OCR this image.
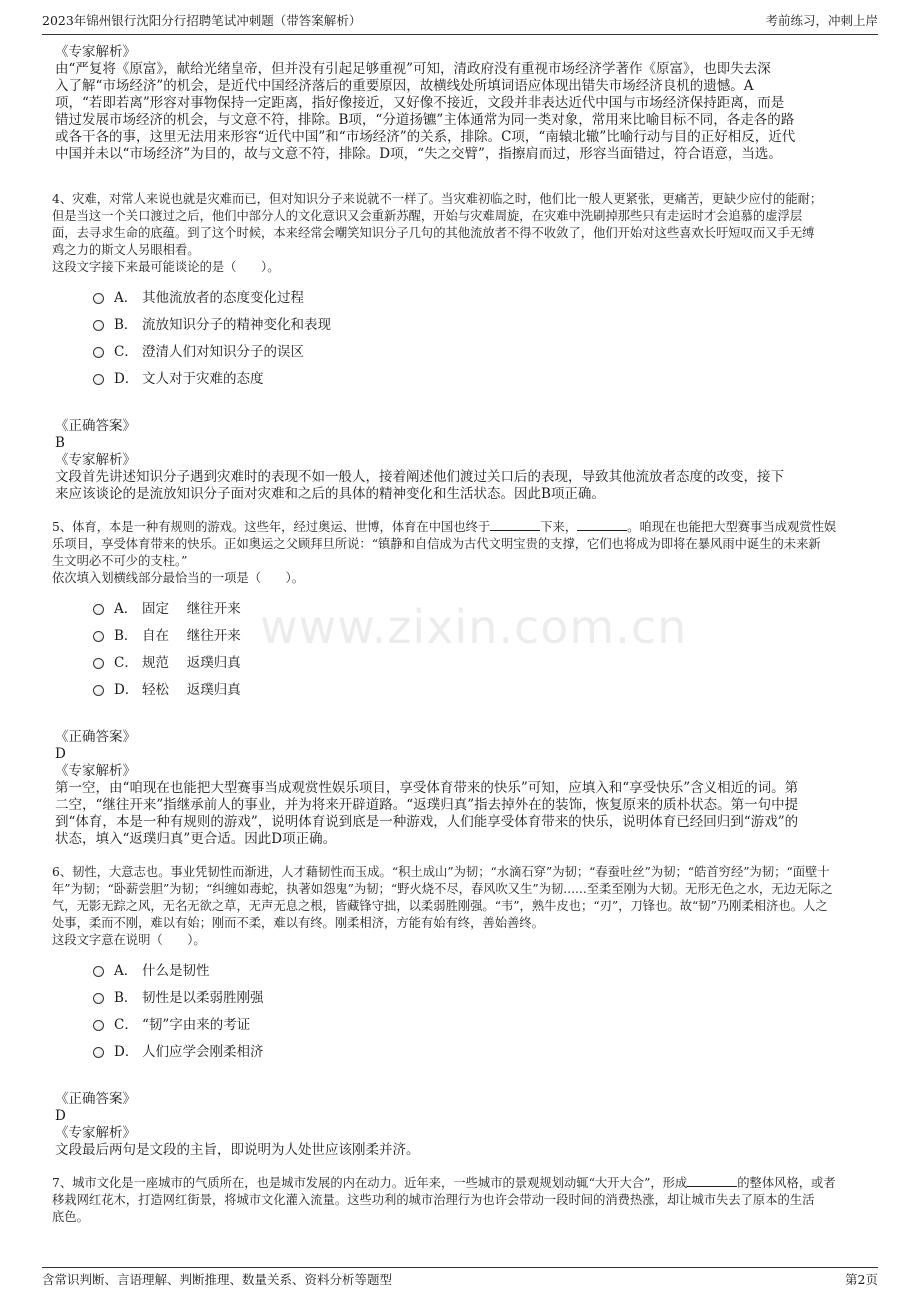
2023年锦州银行沈阳分行招聘笔试冲刺题（带答案解析）	考前练习，冲刺上岸
www.zixin.com.cn
《专家解析》
由“严复将《原富》，献给光绪皇帝，但并没有引起足够重视”可知，清政府没有重视市场经济学著作《原富》，也即失去深
入了解“市场经济”的机会，是近代中国经济落后的重要原因，故横线处所填词语应体现出错失市场经济良机的遗憾。A
项，“若即若离”形容对事物保持一定距离，指好像接近，又好像不接近，文段并非表达近代中国与市场经济保持距离，而是
错过发展市场经济的机会，与文意不符，排除。B项，“分道扬镳”主体通常为同一类对象，常用来比喻目标不同，各走各的路
或各干各的事，这里无法用来形容“近代中国”和“市场经济”的关系，排除。C项，“南辕北辙”比喻行动与目的正好相反，近代
中国并未以“市场经济”为目的，故与文意不符，排除。D项，“失之交臂”，指擦肩而过，形容当面错过，符合语意，当选。
4、灾难，对常人来说也就是灾难而已，但对知识分子来说就不一样了。当灾难初临之时，他们比一般人更紧张，更痛苦，更缺少应付的能耐；
但是当这一个关口渡过之后，他们中部分人的文化意识又会重新苏醒，开始与灾难周旋，在灾难中洗刷掉那些只有走运时才会追慕的虚浮层
面，去寻求生命的底蕴。到了这个时候，本来经常会嘲笑知识分子几句的其他流放者不得不收敛了，他们开始对这些喜欢长吁短叹而又手无缚
鸡之力的斯文人另眼相看。
这段文字接下来最可能谈论的是（　　）。
A． 其他流放者的态度变化过程
B． 流放知识分子的精神变化和表现
C． 澄清人们对知识分子的误区
D． 文人对于灾难的态度
《正确答案》
B
《专家解析》
文段首先讲述知识分子遇到灾难时的表现不如一般人，接着阐述他们渡过关口后的表现，导致其他流放者态度的改变，接下
来应该谈论的是流放知识分子面对灾难和之后的具体的精神变化和生活状态。因此B项正确。
5、体育，本是一种有规则的游戏。这些年，经过奥运、世博，体育在中国也终于	下来，	。咱现在也能把大型赛事当成观赏性娱
乐项目，享受体育带来的快乐。正如奥运之父顾拜旦所说：“镇静和自信成为古代文明宝贵的支撑，它们也将成为即将在暴风雨中诞生的未来新
生文明必不可少的支柱。”
依次填入划横线部分最恰当的一项是（　　）。
A． 固定　 继往开来
B． 自在　 继往开来
C． 规范　 返璞归真
D． 轻松　 返璞归真
《正确答案》
D
《专家解析》
第一空，由“咱现在也能把大型赛事当成观赏性娱乐项目，享受体育带来的快乐”可知，应填入和“享受快乐”含义相近的词。第
二空，“继往开来”指继承前人的事业，并为将来开辟道路。“返璞归真”指去掉外在的装饰，恢复原来的质朴状态。第一句中提
到“体育，本是一种有规则的游戏”，说明体育说到底是一种游戏，人们能享受体育带来的快乐，说明体育已经回归到“游戏”的
状态，填入“返璞归真”更合适。因此D项正确。
6、韧性，大意志也。事业凭韧性而渐进，人才藉韧性而玉成。“积土成山”为韧；“水滴石穿”为韧；“春蚕吐丝”为韧；“皓首穷经”为韧；“面壁十
年”为韧；“卧薪尝胆”为韧；“纠缠如毒蛇，执著如怨鬼”为韧；“野火烧不尽，春风吹又生”为韧......至柔至刚为大韧。无形无色之水，无边无际之
气，无影无踪之风，无名无欲之草，无声无息之根，皆藏锋守拙，以柔弱胜刚强。“韦”，熟牛皮也；“刃”，刀锋也。故“韧”乃刚柔相济也。人之
处事，柔而不刚，难以有始；刚而不柔，难以有终。刚柔相济，方能有始有终，善始善终。
这段文字意在说明（　　）。
A． 什么是韧性
B． 韧性是以柔弱胜刚强
C． “韧”字由来的考证
D． 人们应学会刚柔相济
《正确答案》
D
《专家解析》
文段最后两句是文段的主旨，即说明为人处世应该刚柔并济。
7、城市文化是一座城市的气质所在，也是城市发展的内在动力。近年来，一些城市的景观规划动辄“大开大合”，形成	的整体风格，或者
移栽网红花木，打造网红街景，将城市文化灌入流量。这些功利的城市治理行为也许会带动一段时间的消费热涨，却让城市失去了原本的生活
底色。
含常识判断、言语理解、判断推理、数量关系、资料分析等题型	第2页
